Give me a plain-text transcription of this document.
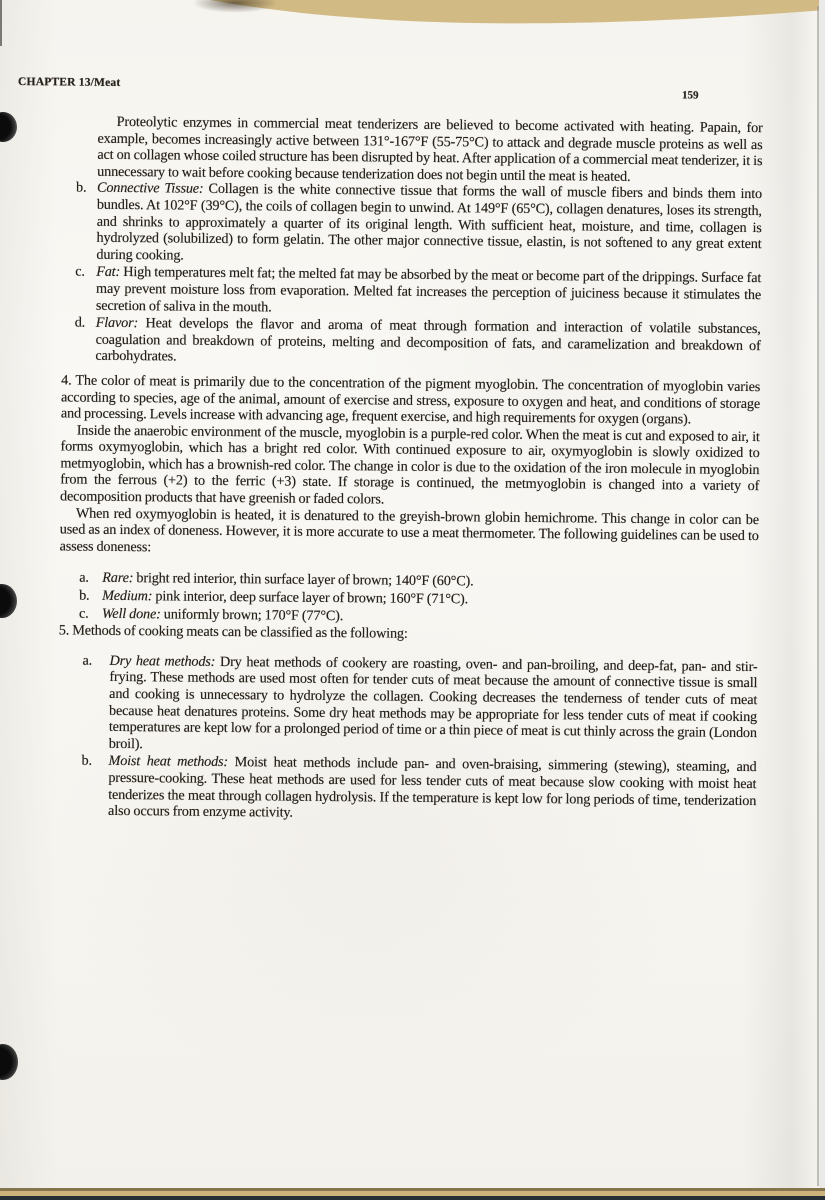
CHAPTER 13/Meat
159

Proteolytic enzymes in commercial meat tenderizers are believed to become activated with heating. Papain, for example, becomes increasingly active between 131°-167°F (55-75°C) to attack and degrade muscle proteins as well as act on collagen whose coiled structure has been disrupted by heat. After application of a commercial meat tenderizer, it is unnecessary to wait before cooking because tenderization does not begin until the meat is heated.

b. Connective Tissue: Collagen is the white connective tissue that forms the wall of muscle fibers and binds them into bundles. At 102°F (39°C), the coils of collagen begin to unwind. At 149°F (65°C), collagen denatures, loses its strength, and shrinks to approximately a quarter of its original length. With sufficient heat, moisture, and time, collagen is hydrolyzed (solubilized) to form gelatin. The other major connective tissue, elastin, is not softened to any great extent during cooking.

c. Fat: High temperatures melt fat; the melted fat may be absorbed by the meat or become part of the drippings. Surface fat may prevent moisture loss from evaporation. Melted fat increases the perception of juiciness because it stimulates the secretion of saliva in the mouth.

d. Flavor: Heat develops the flavor and aroma of meat through formation and interaction of volatile substances, coagulation and breakdown of proteins, melting and decomposition of fats, and caramelization and breakdown of carbohydrates.

4. The color of meat is primarily due to the concentration of the pigment myoglobin. The concentration of myoglobin varies according to species, age of the animal, amount of exercise and stress, exposure to oxygen and heat, and conditions of storage and processing. Levels increase with advancing age, frequent exercise, and high requirements for oxygen (organs).

Inside the anaerobic environment of the muscle, myoglobin is a purple-red color. When the meat is cut and exposed to air, it forms oxymyoglobin, which has a bright red color. With continued exposure to air, oxymyoglobin is slowly oxidized to metmyoglobin, which has a brownish-red color. The change in color is due to the oxidation of the iron molecule in myoglobin from the ferrous (+2) to the ferric (+3) state. If storage is continued, the metmyoglobin is changed into a variety of decomposition products that have greenish or faded colors.

When red oxymyoglobin is heated, it is denatured to the greyish-brown globin hemichrome. This change in color can be used as an index of doneness. However, it is more accurate to use a meat thermometer. The following guidelines can be used to assess doneness:

a. Rare: bright red interior, thin surface layer of brown; 140°F (60°C).

b. Medium: pink interior, deep surface layer of brown; 160°F (71°C).

c. Well done: uniformly brown; 170°F (77°C).

5. Methods of cooking meats can be classified as the following:

a.	Dry heat methods: Dry heat methods of cookery are roasting, oven- and pan-broiling, and deep-fat, pan- and stir-frying. These methods are used most often for tender cuts of meat because the amount of connective tissue is small and cooking is unnecessary to hydrolyze the collagen. Cooking decreases the tenderness of tender cuts of meat because heat denatures proteins. Some dry heat methods may be appropriate for less tender cuts of meat if cooking temperatures are kept low for a prolonged period of time or a thin piece of meat is cut thinly across the grain (London broil).

b.	Moist heat methods: Moist heat methods include pan- and oven-braising, simmering (stewing), steaming, and pressure-cooking. These heat methods are used for less tender cuts of meat because slow cooking with moist heat tenderizes the meat through collagen hydrolysis. If the temperature is kept low for long periods of time, tenderization also occurs from enzyme activity.
